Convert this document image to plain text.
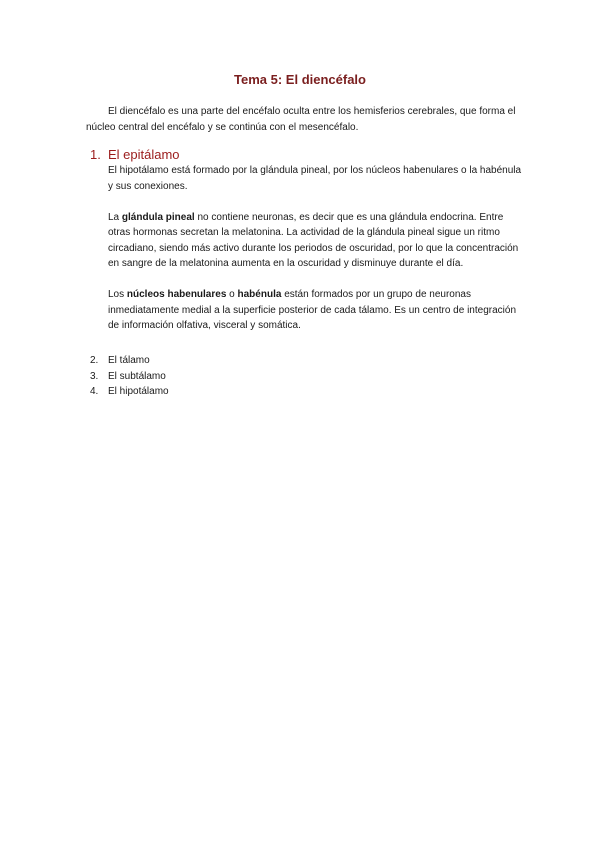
Tema 5: El diencéfalo
El diencéfalo es una parte del encéfalo oculta entre los hemisferios cerebrales, que forma el núcleo central del encéfalo y se continúa con el mesencéfalo.
1. El epitálamo

El hipotálamo está formado por la glándula pineal, por los núcleos habenulares o la habénula y sus conexiones.

La glándula pineal no contiene neuronas, es decir que es una glándula endocrina. Entre otras hormonas secretan la melatonina. La actividad de la glándula pineal sigue un ritmo circadiano, siendo más activo durante los periodos de oscuridad, por lo que la concentración en sangre de la melatonina aumenta en la oscuridad y disminuye durante el día.

Los núcleos habenulares o habénula están formados por un grupo de neuronas inmediatamente medial a la superficie posterior de cada tálamo. Es un centro de integración de información olfativa, visceral y somática.

2. El tálamo
3. El subtálamo
4. El hipotálamo
